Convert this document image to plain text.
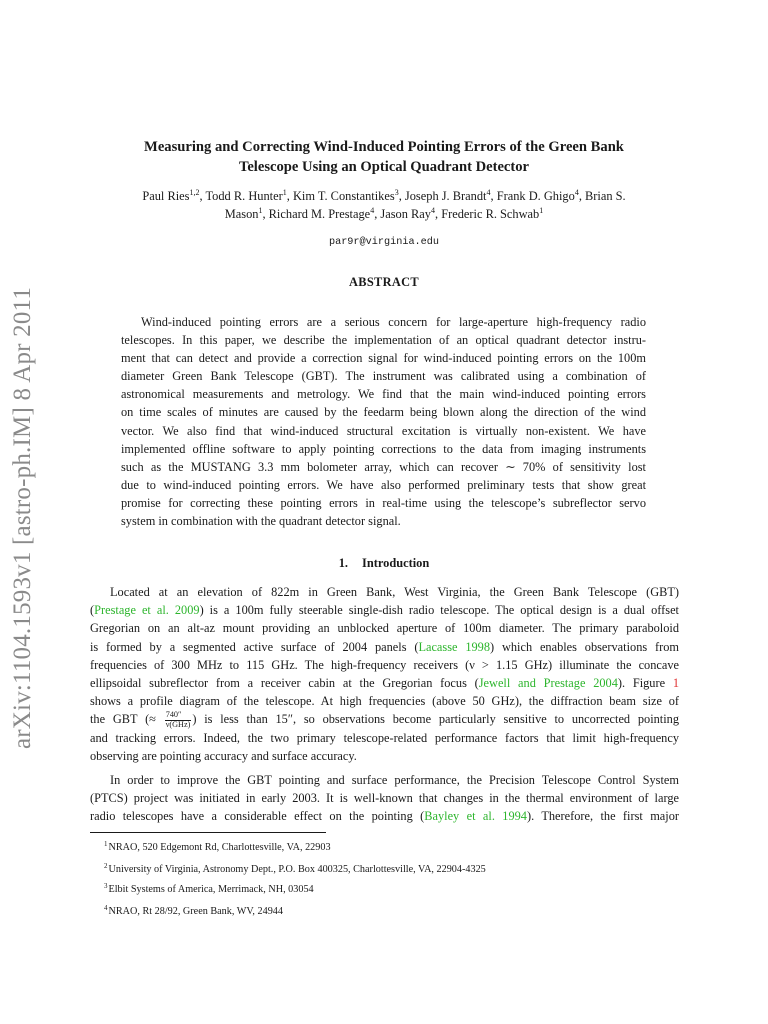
arXiv:1104.1593v1 [astro-ph.IM] 8 Apr 2011
Measuring and Correcting Wind-Induced Pointing Errors of the Green Bank
Telescope Using an Optical Quadrant Detector
Paul Ries$^{1,2}$, Todd R. Hunter$^1$, Kim T. Constantikes$^3$, Joseph J. Brandt$^4$, Frank D. Ghigo$^4$, Brian S.
Mason$^1$, Richard M. Prestage$^4$, Jason Ray$^4$, Frederic R. Schwab$^1$
par9r@virginia.edu
ABSTRACT
Wind-induced pointing errors are a serious concern for large-aperture high-frequency radio
telescopes. In this paper, we describe the implementation of an optical quadrant detector instru-
ment that can detect and provide a correction signal for wind-induced pointing errors on the 100m
diameter Green Bank Telescope (GBT). The instrument was calibrated using a combination of
astronomical measurements and metrology. We find that the main wind-induced pointing errors
on time scales of minutes are caused by the feedarm being blown along the direction of the wind
vector. We also find that wind-induced structural excitation is virtually non-existent. We have
implemented offline software to apply pointing corrections to the data from imaging instruments
such as the MUSTANG 3.3 mm bolometer array, which can recover ∼ 70% of sensitivity lost
due to wind-induced pointing errors. We have also performed preliminary tests that show great
promise for correcting these pointing errors in real-time using the telescope’s subreflector servo
system in combination with the quadrant detector signal.
1. Introduction
Located at an elevation of 822m in Green Bank, West Virginia, the Green Bank Telescope (GBT)
(Prestage et al. 2009) is a 100m fully steerable single-dish radio telescope. The optical design is a dual offset
Gregorian on an alt-az mount providing an unblocked aperture of 100m diameter. The primary paraboloid
is formed by a segmented active surface of 2004 panels (Lacasse 1998) which enables observations from
frequencies of 300 MHz to 115 GHz. The high-frequency receivers (ν > 1.15 GHz) illuminate the concave
ellipsoidal subreflector from a receiver cabin at the Gregorian focus (Jewell and Prestage 2004). Figure 1
shows a profile diagram of the telescope. At high frequencies (above 50 GHz), the diffraction beam size of
the GBT (≈ $\frac{740''}{\text{ν(GHz)}}$ ) is less than 15″, so observations become particularly sensitive to uncorrected pointing
and tracking errors. Indeed, the two primary telescope-related performance factors that limit high-frequency
observing are pointing accuracy and surface accuracy.
In order to improve the GBT pointing and surface performance, the Precision Telescope Control System
(PTCS) project was initiated in early 2003. It is well-known that changes in the thermal environment of large
radio telescopes have a considerable effect on the pointing (Bayley et al. 1994). Therefore, the first major
$^1$NRAO, 520 Edgemont Rd, Charlottesville, VA, 22903
$^2$University of Virginia, Astronomy Dept., P.O. Box 400325, Charlottesville, VA, 22904-4325
$^3$Elbit Systems of America, Merrimack, NH, 03054
$^4$NRAO, Rt 28/92, Green Bank, WV, 24944
